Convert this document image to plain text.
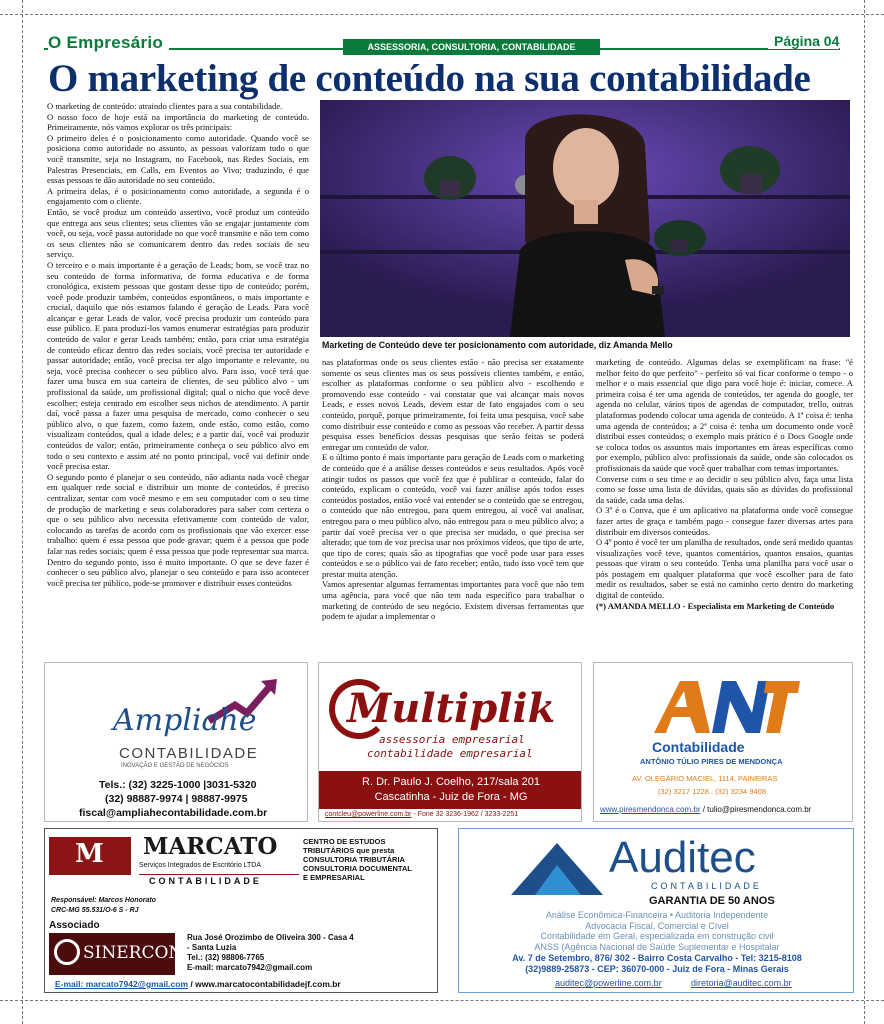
O Empresário	ASSESSORIA, CONSULTORIA, CONTABILIDADE	Página 04
O marketing de conteúdo na sua contabilidade

O marketing de conteúdo: atraindo clientes para a sua contabilidade.

O nosso foco de hoje está na importância do marketing de conteúdo. Primeiramente, nós vamos explorar os três principais:

O primeiro deles é o posicionamento como autoridade. Quando você se posiciona como autoridade no assunto, as pessoas valorizam tudo o que você transmite, seja no Instagram, no Facebook, nas Redes Sociais, em Palestras Presenciais, em Calls, em Eventos ao Vivo; traduzindo, é que essas pessoas te dão autoridade no seu conteúdo.

A primeira delas, é o posicionamento como autoridade, a segunda é o engajamento com o cliente.

Então, se você produz um conteúdo assertivo, você produz um conteúdo que entrega aos seus clientes; seus clientes vão se engajar juntamente com você, ou seja, você passa autoridade no que você transmite e não tem como os seus clientes não se comunicarem dentro das redes sociais de seu serviço.

O terceiro e o mais importante é a geração de Leads; bom, se você traz no seu conteúdo de forma informativa, de forma educativa e de forma cronológica, existem pessoas que gostam desse tipo de conteúdo; porém, você pode produzir também, conteúdos espontâneos, o mais importante e crucial, daquilo que nós estamos falando é geração de Leads. Para você alcançar e gerar Leads de valor, você precisa produzir um conteúdo para esse público. E para produzi-los vamos enumerar estratégias para produzir conteúdo de valor e gerar Leads também; então, para criar uma estratégia de conteúdo eficaz dentro das redes sociais, você precisa ter autoridade e passar autoridade; então, você precisa ter algo importante e relevante, ou seja, você precisa conhecer o seu público alvo. Para isso, você terá que fazer uma busca em sua carteira de clientes, de seu público alvo - um profissional da saúde, um profissional digital; qual o nicho que você deve escolher; esteja centrado em escolher seus nichos de atendimento. A partir daí, você passa a fazer uma pesquisa de mercado, como conhecer o seu público alvo, o que fazem, como fazem, onde estão, como estão, como visualizam conteúdos, qual a idade deles; e a partir daí, você vai produzir conteúdos de valor; então, primeiramente conheça o seu público alvo em todo o seu contexto e assim até no ponto principal, você vai definir onde você precisa estar.

O segundo ponto é planejar o seu conteúdo, não adianta nada você chegar em qualquer rede social e distribuir um monte de conteúdos, é preciso centralizar, sentar com você mesmo e em seu computador com o seu time de produção de marketing e seus colaboradores para saber com certeza o que o seu público alvo necessita efetivamente com conteúdo de valor, colocando as tarefas de acordo com os profissionais que vão exercer esse trabalho: quem é essa pessoa que pode gravar; quem é a pessoa que pode falar nas redes sociais; quem é essa pessoa que pode representar sua marca. Dentro do segundo ponto, isso é muito importante. O que se deve fazer é conhecer o seu público alvo, planejar o seu conteúdo e para isso acontecer você precisa ter público, pode-se promover e distribuir esses conteúdos

Marketing de Conteúdo deve ter posicionamento com autoridade, diz Amanda Mello

nas plataformas onde os seus clientes estão - não precisa ser exatamente somente os seus clientes mas os seus possíveis clientes também, e então, escolher as plataformas conforme o seu público alvo - escolhendo e promovendo esse conteúdo - vai constatar que vai alcançar mais novos Leads, e esses novos Leads, devem estar de fato engajados com o seu conteúdo, porquê, porque primeiramente, foi feita uma pesquisa, você sabe como distribuir esse conteúdo e como as pessoas vão receber. A partir dessa pesquisa esses benefícios dessas pesquisas que serão feitas se poderá entregar um conteúdo de valor.

E o último ponto é mais importante para geração de Leads com o marketing de conteúdo que é a análise desses conteúdos e seus resultados. Após você atingir todos os passos que você fez que é publicar o conteúdo, falar do conteúdo, explicam o conteúdo, você vai fazer análise após todos esses conteúdos postados, então você vai entender se o conteúdo que se entregou, o conteúdo que não entregou, para quem entregou, aí você vai analisar, entregou para o meu público alvo, não entregou para o meu público alvo; a partir daí você precisa ver o que precisa ser mudado, o que precisa ser alterado; que tom de voz precisa usar nos próximos vídeos, que tipo de arte, que tipo de cores; quais são as tipografias que você pode usar para esses conteúdos e se o público vai de fato receber; então, tudo isso você tem que prestar muita atenção.

Vamos apresentar algumas ferramentas importantes para você que não tem uma agência, para você que não tem nada específico para trabalhar o marketing de conteúdo de seu negócio. Existem diversas ferramentas que podem te ajudar a implementar o

marketing de conteúdo. Algumas delas se exemplificam na frase: "é melhor feito do que perfeito" - perfeito só vai ficar conforme o tempo - o melhor e o mais essencial que digo para você hoje é: iniciar, comece. A primeira coisa é ter uma agenda de conteúdos, ter agenda do google, ter agenda no celular, vários tipos de agendas de computador, trello, outras plataformas podendo colocar uma agenda de conteúdo. A 1ª coisa é: tenha uma agenda de conteúdos; a 2ª coisa é: tenha um documento onde você distribui esses conteúdos; o exemplo mais prático é o Docs Google onde se coloca todos os assuntos mais importantes em áreas específicas como por exemplo, público alvo: profissionais da saúde, onde são colocados os profissionais da saúde que você quer trabalhar com temas importantes.

Converse com o seu time e ao decidir o seu público alvo, faça uma lista como se fosse uma lista de dúvidas, quais são as dúvidas do profissional da saúde, cada uma delas.

O 3º é o Conva, que é um aplicativo na plataforma onde você consegue fazer artes de graça e também pago - consegue fazer diversas artes para distribuir em diversos conteúdos.

O 4º ponto é você ter um planilha de resultados, onde será medido quantas visualizações você teve, quantos comentários, quantos ensaios, quantas pessoas que viram o seu conteúdo. Tenha uma planilha para você usar o pós postagem em qualquer plataforma que você escolher para de fato medir os resultados, saber se está no caminho certo dentro do marketing digital de conteúdo.

(*) AMANDA MELLO - Especialista em Marketing de Conteúdo

Ampliahe
CONTABILIDADE
INOVAÇÃO E GESTÃO DE NEGÓCIOS
Tels.: (32) 3225-1000 |3031-5320
(32) 98887-9974 | 98887-9975
fiscal@ampliahecontabilidade.com.br
Multiplik
assessoria empresarial
contabilidade empresarial
R. Dr. Paulo J. Coelho, 217/sala 201
Cascatinha - Juiz de Fora - MG
contcleu@powerline.com.br - Fone 32 3236-1962 / 3233-2251
Contabilidade
ANTÔNIO TÚLIO PIRES DE MENDONÇA
AV. OLEGÁRIO MACIEL, 1114, PAINEIRAS
(32) 3217 1228 . (32) 3234 9408
www.piresmendonca.com.br / tulio@piresmendonca.com.br
M MARCATO
Serviços Integrados de Escritório LTDA
CONTABILIDADE
CENTRO DE ESTUDOS
TRIBUTÁRIOS que presta
CONSULTORIA TRIBUTÁRIA
CONSULTORIA DOCUMENTAL
E EMPRESARIAL
Responsável: Marcos Honorato
CRC-MG 55.531/O-6 S - RJ
Associado
SINERCON
Rua José Orozimbo de Oliveira 300 - Casa 4
- Santa Luzia
Tel.: (32) 98806-7765
E-mail: marcato7942@gmail.com
E-mail: marcato7942@gmail.com / www.marcatocontabilidadejf.com.br
Auditec
CONTABILIDADE
GARANTIA DE 50 ANOS
Análise Econômica-Financeira • Auditoria Independente
Advocacia Fiscal, Comercial e Cível
Contabilidade em Geral, especializada em construção civil
ANSS (Agência Nacional de Saúde Suplementar e Hospitalar
Av. 7 de Setembro, 876/ 302 - Bairro Costa Carvalho - Tel: 3215-8108
(32)9889-25873 - CEP: 36070-000 - Juiz de Fora - Minas Gerais
auditec@powerline.com.br	diretoria@auditec.com.br
